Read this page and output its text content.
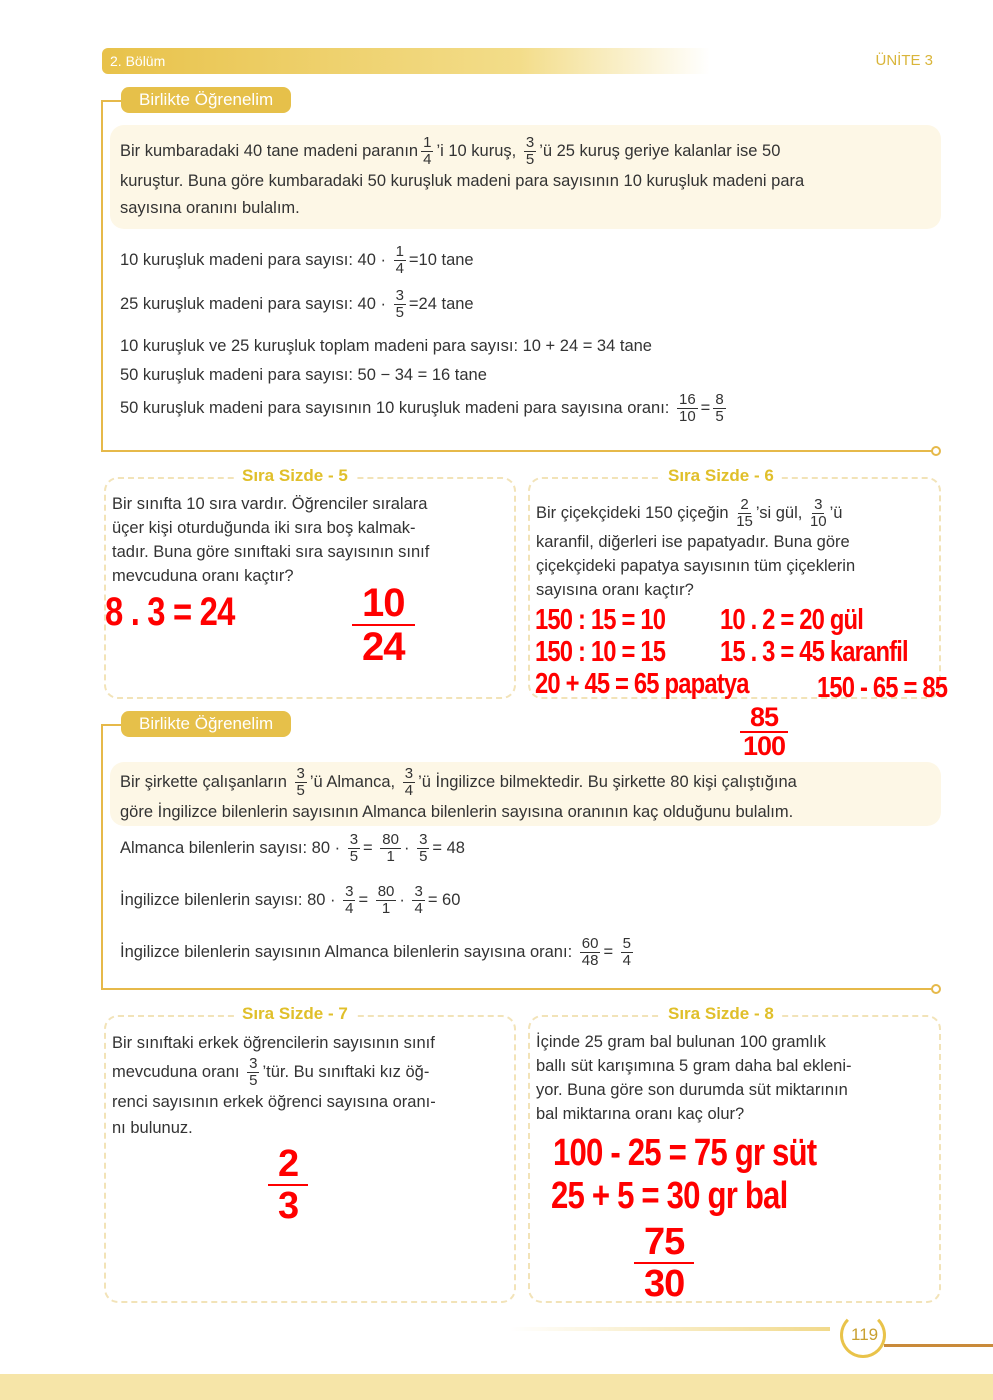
2. Bölüm	ÜNİTE 3
Birlikte Öğrenelim
Bir kumbaradaki 40 tane madeni paranın $\frac{1}{4}$ ’i 10 kuruş, $\frac{3}{5}$ ’ü 25 kuruş geriye kalanlar ise 50
kuruştur. Buna göre kumbaradaki 50 kuruşluk madeni para sayısının 10 kuruşluk madeni para
sayısına oranını bulalım.
10 kuruşluk madeni para sayısı: $40 \cdot \frac{1}{4} =10$ tane
25 kuruşluk madeni para sayısı: $40 \cdot \frac{3}{5} =24$ tane
10 kuruşluk ve 25 kuruşluk toplam madeni para sayısı: 10 + 24 = 34 tane
50 kuruşluk madeni para sayısı: 50 − 34 = 16 tane
50 kuruşluk madeni para sayısının 10 kuruşluk madeni para sayısına oranı: $\frac{16}{10} = \frac{8}{5}$
Sıra Sizde - 5
Bir sınıfta 10 sıra vardır. Öğrenciler sıralara
üçer kişi oturduğunda iki sıra boş kalmak-
tadır. Buna göre sınıftaki sıra sayısının sınıf
mevcuduna oranı kaçtır?
8 . 3 = 24	10
24
Sıra Sizde - 6
Bir çiçekçideki 150 çiçeğin $\frac{2}{15}$ ’si gül, $\frac{3}{10}$ ’ü
karanfil, diğerleri ise papatyadır. Buna göre
çiçekçideki papatya sayısının tüm çiçeklerin
sayısına oranı kaçtır?
150 : 15 = 10 10 . 2 = 20 gül
150 : 10 = 15 15 . 3 = 45 karanfil
20 + 45 = 65 papatya 150 - 65 = 85
85
100
Birlikte Öğrenelim
Bir şirkette çalışanların $\frac{3}{5}$ ’ü Almanca, $\frac{3}{4}$ ’ü İngilizce bilmektedir. Bu şirkette 80 kişi çalıştığına
göre İngilizce bilenlerin sayısının Almanca bilenlerin sayısına oranının kaç olduğunu bulalım.
Almanca bilenlerin sayısı: $80 \cdot \frac{3}{5} = \frac{80}{1} \cdot \frac{3}{5} = 48$
İngilizce bilenlerin sayısı: $80 \cdot \frac{3}{4} = \frac{80}{1} \cdot \frac{3}{4} = 60$
İngilizce bilenlerin sayısının Almanca bilenlerin sayısına oranı: $\frac{60}{48} = \frac{5}{4}$
Sıra Sizde - 7
Bir sınıftaki erkek öğrencilerin sayısının sınıf
mevcuduna oranı $\frac{3}{5}$ ’tür. Bu sınıftaki kız öğ-
renci sayısının erkek öğrenci sayısına oranı-
nı bulunuz.
2
3
Sıra Sizde - 8
İçinde 25 gram bal bulunan 100 gramlık
ballı süt karışımına 5 gram daha bal ekleni-
yor. Buna göre son durumda süt miktarının
bal miktarına oranı kaç olur?
100 - 25 = 75 gr süt
25 + 5 = 30 gr bal
75
30
119
